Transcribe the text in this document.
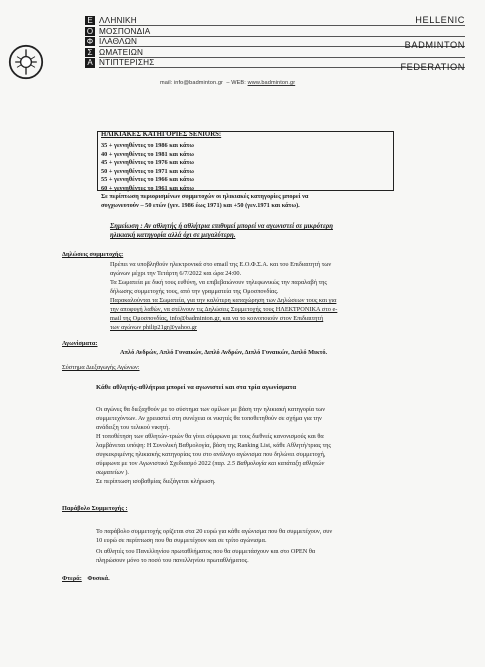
Ε
Ο
Φ
Σ
Α
ΛΛΗΝΙΚΗ
ΜΟΣΠΟΝΔΙΑ
ΙΛΑΘΛΩΝ
ΩΜΑΤΕΙΩΝ
ΝΤΙΠΤΕΡΙΣΗΣ
HELLENIC
BADMINTON
FEDERATION
mail: info@badminton.gr – WEB: www.badminton.gr
ΗΛΙΚΙΑΚΕΣ ΚΑΤΗΓΟΡΙΕΣ SENIORS:
35 + γεννηθέντες το 1986 και κάτω
40 + γεννηθέντες το 1981 και κάτω
45 + γεννηθέντες το 1976 και κάτω
50 + γεννηθέντες το 1971 και κάτω
55 + γεννηθέντες το 1966 και κάτω
60 + γεννηθέντες το 1961 και κάτω
Σε περίπτωση περιορισμένων συμμετοχών οι ηλικιακές κατηγορίες μπορεί να
συγχωνευτούν – 50 ετών (γεν. 1986 έως 1971) και +50 (γεν.1971 και κάτω).
Σημείωση : Αν αθλητής ή αθλήτρια επιθυμεί μπορεί να αγωνιστεί σε μικρότερη
ηλικιακή κατηγορία αλλά όχι σε μεγαλύτερη.
Δηλώσεις συμμετοχής:
Πρέπει να υποβληθούν ηλεκτρονικά στο email της Ε.Ο.Φ.Σ.Α. και του Επιδιαιτητή των
αγώνων μέχρι την Τετάρτη 6/7/2022 και ώρα 24:00.
Τα Σωματεία με δική τους ευθύνη, να επιβεβαιώνουν τηλεφωνικώς την παραλαβή της
δήλωσης συμμετοχής τους, από την γραμματεία της Ομοσπονδίας.
Παρακαλούνται τα Σωματεία, για την καλύτερη καταχώρηση των Δηλώσεων τους και για
την αποφυγή λαθών, να στέλνουν τις Δηλώσεις Συμμετοχής τους ΗΛΕΚΤΡΟΝΙΚΑ στο e-
mail της Ομοσπονδίας, info@badminton.gr, και να το κοινοποιούν στον Επιδιαιτητή
των αγώνων philip21gr@yahoo.gr
Αγωνίσματα:
Απλό Ανδρών, Απλό Γυναικών, Διπλό Ανδρών, Διπλό Γυναικών, Διπλό Μικτό.
Σύστημα Διεξαγωγής Αγώνων:
Κάθε αθλητής-αθλήτρια μπορεί να αγωνιστεί και στα τρία αγωνίσματα
Οι αγώνες θα διεξαχθούν με το σύστημα των ομίλων με βάση την ηλικιακή κατηγορία των
συμμετεχόντων. Αν χρειαστεί στη συνέχεια οι νικητές θα τοποθετηθούν σε σχήμα για την
ανάδειξη του τελικού νικητή.
Η τοποθέτηση των αθλητών-τριών θα γίνει σύμφωνα με τους διεθνείς κανονισμούς και θα
λαμβάνεται υπόψη: Η Συνολική Βαθμολογία, βάση της Ranking List, κάθε Αθλητή/τριας της
συγκεκριμένης ηλικιακής κατηγορίας του στο ανάλογο αγώνισμα που δηλώνει συμμετοχή,
σύμφωνα με τον Αγωνιστικό Σχεδιασμό 2022 (παρ. 2.5 Βαθμολογία και κατάταξη αθλητών
σωματείων ).
Σε περίπτωση ισοβαθμίας διεξάγεται κλήρωση.
Παράβολο Συμμετοχής :
Το παράβολο συμμετοχής ορίζεται στα 20 ευρώ για κάθε αγώνισμα που θα συμμετέχουν, συν
10 ευρώ σε περίπτωση που θα συμμετέχουν και σε τρίτο αγώνισμα.
Οι αθλητές του Πανελληνίου πρωταθλήματος που θα συμμετάσχουν και στο OPEN θα
πληρώσουν μόνο το ποσό του πανελληνίου πρωταθλήματος.
Φτερά: Φυσικά.
